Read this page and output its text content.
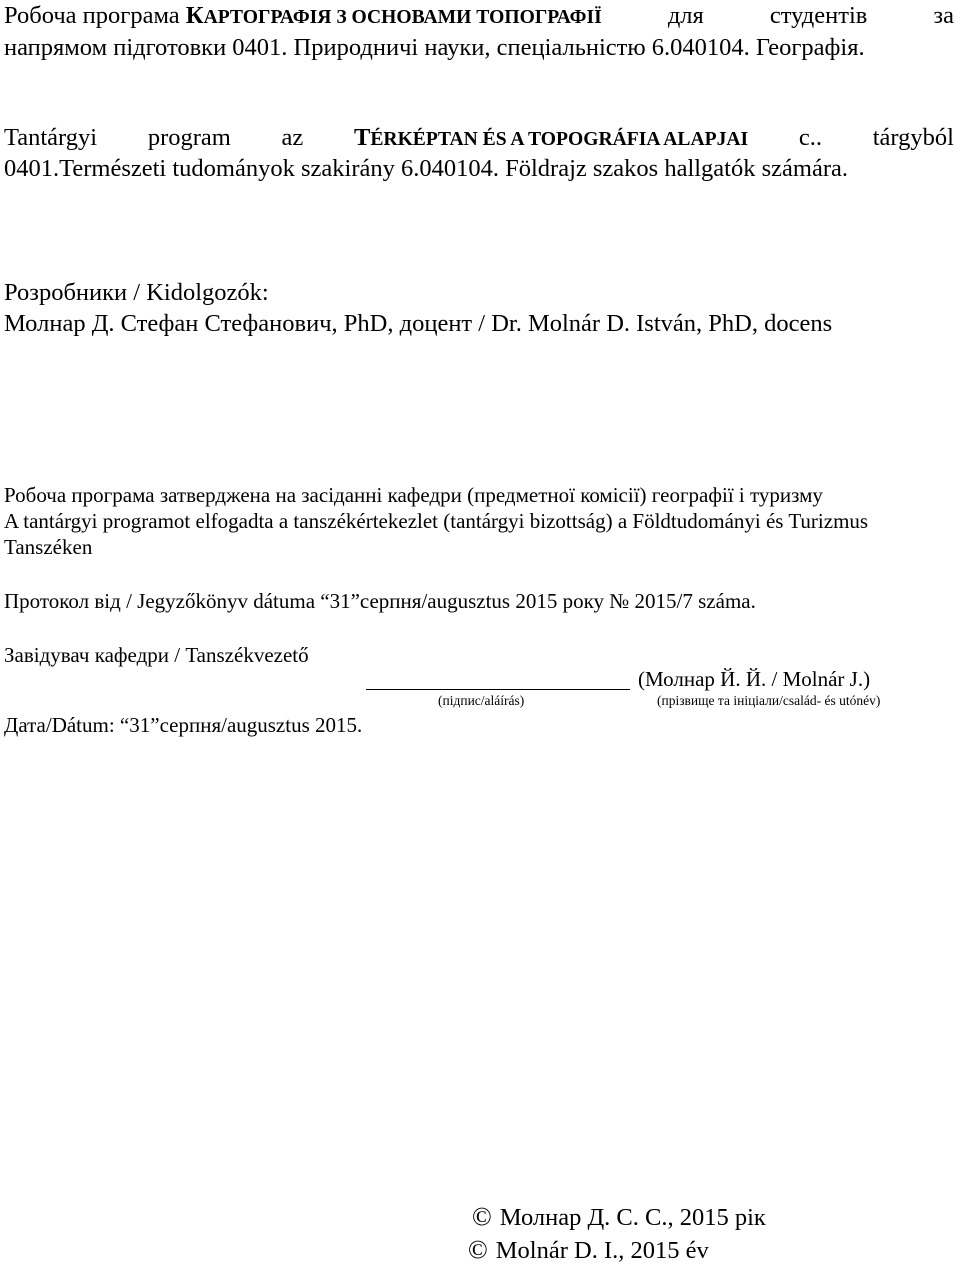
Робоча програма КАРТОГРАФІЯ З ОСНОВАМИ ТОПОГРАФІЇ	для	студентів	за
напрямом підготовки 0401. Природничі науки, спеціальністю 6.040104. Географія.
Tantárgyi program az TÉRKÉPTAN ÉS A TOPOGRÁFIA ALAPJAI c.. tárgyból
0401.Természeti tudományok szakirány 6.040104. Földrajz szakos hallgatók számára.
Розробники / Kidolgozók:
Молнар Д. Стефан Стефанович, PhD, доцент / Dr. Molnár D. István, PhD, docens
Робоча програма затверджена на засіданні кафедри (предметної комісії) географії і туризму
A tantárgyi programot elfogadta a tanszékértekezlet (tantárgyi bizottság) a Földtudományi és Turizmus
Tanszéken
Протокол від / Jegyzőkönyv dátuma “31”серпня/augusztus 2015 року № 2015/7 száma.
Завідувач кафедри / Tanszékvezető
(Молнар Й. Й. / Molnár J.)
(підпис/aláírás)	(прізвище та ініціали/család- és utónév)
Дата/Dátum: “31”серпня/augusztus 2015.
© Молнар Д. С. С., 2015 рік
© Molnár D. I., 2015 év
